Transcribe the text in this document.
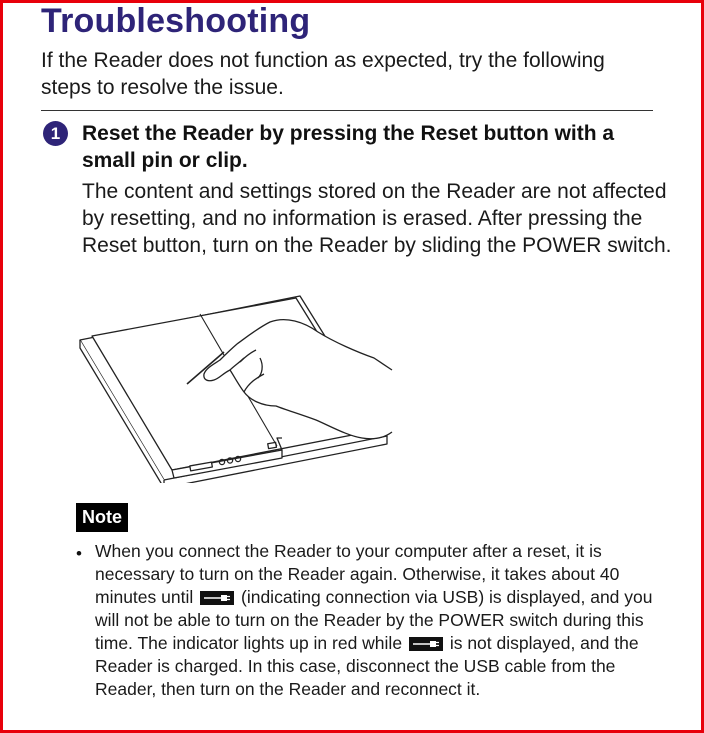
Troubleshooting
If the Reader does not function as expected, try the following steps to resolve the issue.
1	Reset the Reader by pressing the Reset button with a small pin or clip.
The content and settings stored on the Reader are not affected by resetting, and no information is erased. After pressing the Reset button, turn on the Reader by sliding the POWER switch.
Note
• When you connect the Reader to your computer after a reset, it is necessary to turn on the Reader again. Otherwise, it takes about 40 minutes until	(indicating connection via USB) is displayed, and you will not be able to turn on the Reader by the POWER switch during this time. The indicator lights up in red while	is not displayed, and the Reader is charged. In this case, disconnect the USB cable from the Reader, then turn on the Reader and reconnect it.
